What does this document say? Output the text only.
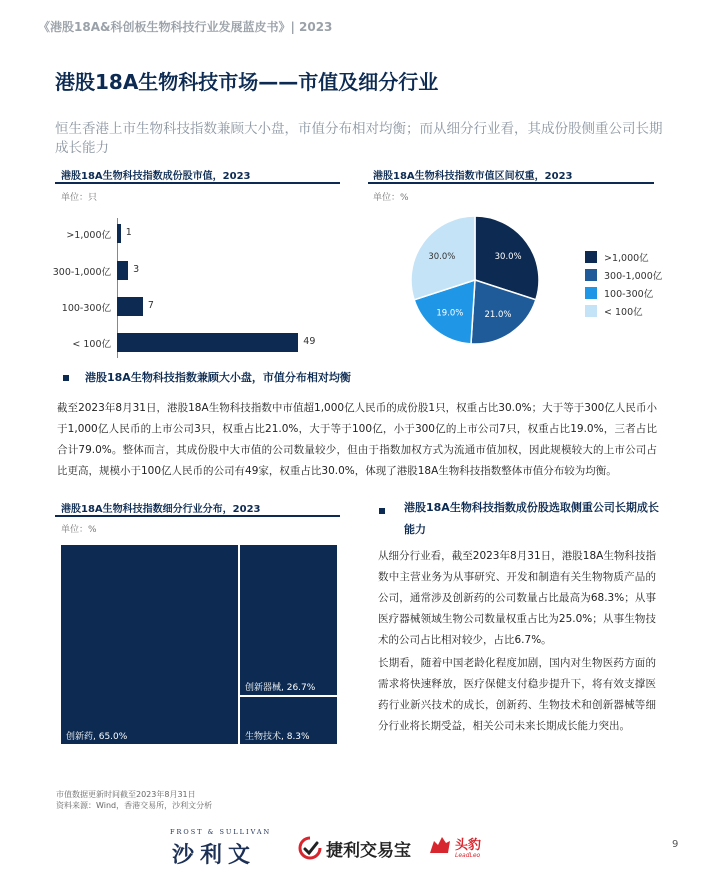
《港股18A&科创板生物科技行业发展蓝皮书》| 2023
港股18A生物科技市场——市值及细分行业
恒生香港上市生物科技指数兼顾大小盘，市值分布相对均衡；而从细分行业看，其成份股侧重公司长期成长能力
港股18A生物科技指数成份股市值，2023
单位：只
>1,000亿 1
300-1,000亿 3
100-300亿	7
< 100亿	49
港股18A生物科技指数市值区间权重，2023
单位：%
30.0%
21.0%
19.0%
30.0%	>1,000亿
300-1,000亿
100-300亿
< 100亿
港股18A生物科技指数兼顾大小盘，市值分布相对均衡
截至2023年8月31日，港股18A生物科技指数中市值超1,000亿人民币的成份股1只，权重占比30.0%；大于等于300亿人民币小于1,000亿人民币的上市公司3只，权重占比21.0%，大于等于100亿，小于300亿的上市公司7只，权重占比19.0%，三者占比合计79.0%。整体而言，其成份股中大市值的公司数量较少，但由于指数加权方式为流通市值加权，因此规模较大的上市公司占比更高，规模小于100亿人民币的公司有49家，权重占比30.0%，体现了港股18A生物科技指数整体市值分布较为均衡。
港股18A生物科技指数细分行业分布，2023
单位：%
创新药, 65.0%
创新器械, 26.7%
生物技术, 8.3%
港股18A生物科技指数成份股选取侧重公司长期成长能力
从细分行业看，截至2023年8月31日，港股18A生物科技指数中主营业务为从事研究、开发和制造有关生物物质产品的公司，通常涉及创新药的公司数量占比最高为68.3%；从事医疗器械领域生物公司数量权重占比为25.0%；从事生物技术的公司占比相对较少，占比6.7%。
长期看，随着中国老龄化程度加剧，国内对生物医药方面的需求将快速释放，医疗保健支付稳步提升下，将有效支撑医药行业新兴技术的成长，创新药、生物技术和创新器械等细分行业将长期受益，相关公司未来长期成长能力突出。
市值数据更新时间截至2023年8月31日
资料来源：Wind，香港交易所，沙利文分析
FROST & SULLIVAN
沙利文	捷利交易宝	头豹
LeadLeo
9
